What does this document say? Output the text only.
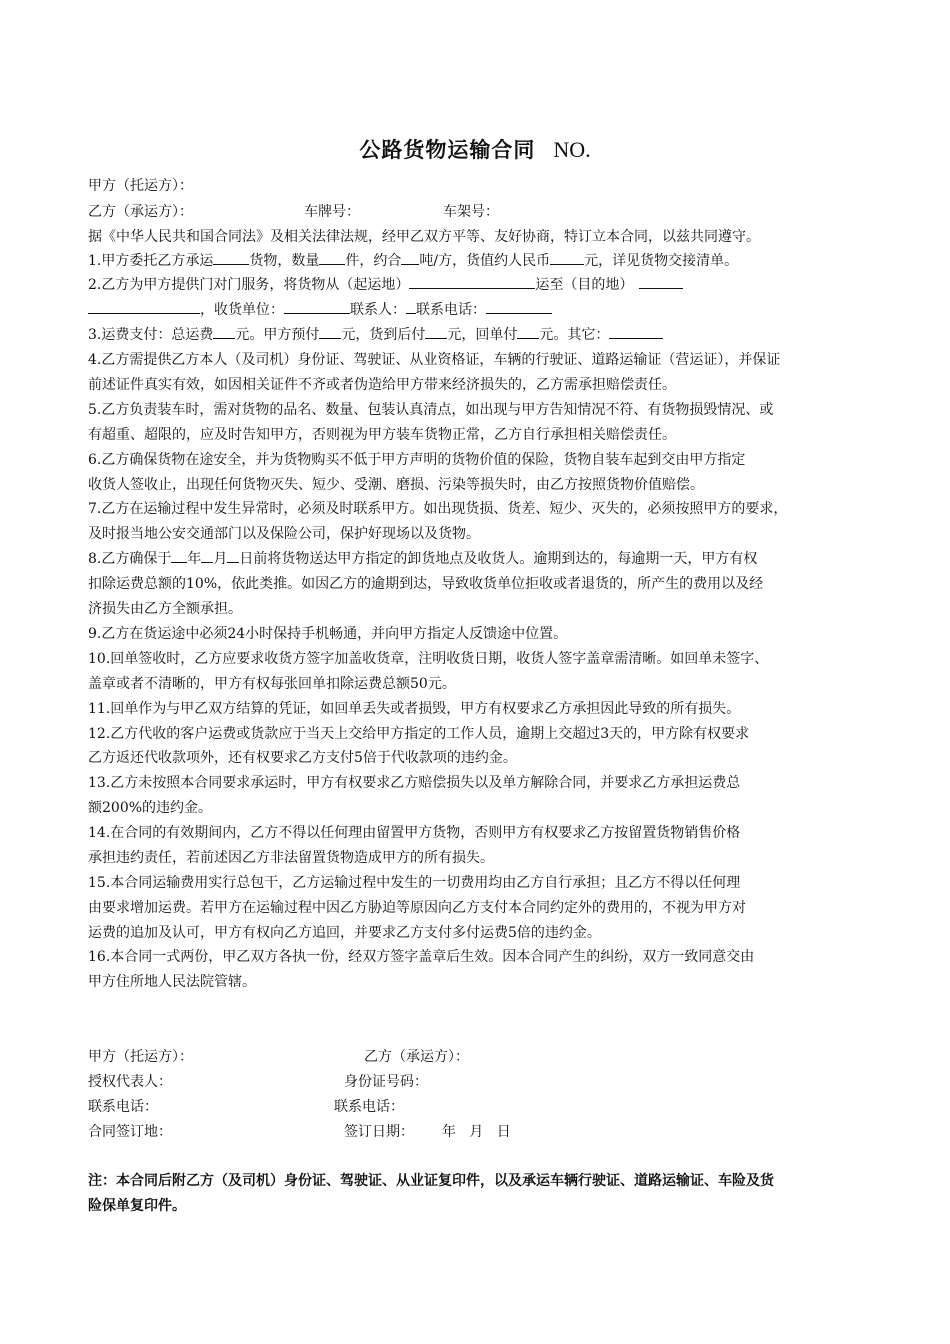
公路货物运输合同 NO.
甲方（托运方）：
乙方（承运方）：	车牌号：	车架号：
据《中华人民共和国合同法》及相关法律法规，经甲乙双方平等、友好协商，特订立本合同，以兹共同遵守。
1.甲方委托乙方承运	货物，数量 件，约合 吨/方，货值约人民币 元，详见货物交接清单。
2.乙方为甲方提供门对门服务，将货物从（起运地）	运至（目的地）
，收货单位：	联系人： 联系电话：
3.运费支付：总运费 元。甲方预付 元，货到后付 元，回单付 元。其它：
4.乙方需提供乙方本人（及司机）身份证、驾驶证、从业资格证，车辆的行驶证、道路运输证（营运证），并保证
前述证件真实有效，如因相关证件不齐或者伪造给甲方带来经济损失的，乙方需承担赔偿责任。
5.乙方负责装车时，需对货物的品名、数量、包装认真清点，如出现与甲方告知情况不符、有货物损毁情况、或
有超重、超限的，应及时告知甲方，否则视为甲方装车货物正常，乙方自行承担相关赔偿责任。
6.乙方确保货物在途安全，并为货物购买不低于甲方声明的货物价值的保险，货物自装车起到交由甲方指定
收货人签收止，出现任何货物灭失、短少、受潮、磨损、污染等损失时，由乙方按照货物价值赔偿。
7.乙方在运输过程中发生异常时，必须及时联系甲方。如出现货损、货差、短少、灭失的，必须按照甲方的要求，
及时报当地公安交通部门以及保险公司，保护好现场以及货物。
8.乙方确保于 年 月 日前将货物送达甲方指定的卸货地点及收货人。逾期到达的，每逾期一天，甲方有权
扣除运费总额的10%，依此类推。如因乙方的逾期到达，导致收货单位拒收或者退货的，所产生的费用以及经
济损失由乙方全额承担。
9.乙方在货运途中必须24小时保持手机畅通，并向甲方指定人反馈途中位置。
10.回单签收时，乙方应要求收货方签字加盖收货章，注明收货日期，收货人签字盖章需清晰。如回单未签字、
盖章或者不清晰的，甲方有权每张回单扣除运费总额50元。
11.回单作为与甲乙双方结算的凭证，如回单丢失或者损毁，甲方有权要求乙方承担因此导致的所有损失。
12.乙方代收的客户运费或货款应于当天上交给甲方指定的工作人员，逾期上交超过3天的，甲方除有权要求
乙方返还代收款项外，还有权要求乙方支付5倍于代收款项的违约金。
13.乙方未按照本合同要求承运时，甲方有权要求乙方赔偿损失以及单方解除合同，并要求乙方承担运费总
额200%的违约金。
14.在合同的有效期间内，乙方不得以任何理由留置甲方货物，否则甲方有权要求乙方按留置货物销售价格
承担违约责任，若前述因乙方非法留置货物造成甲方的所有损失。
15.本合同运输费用实行总包干，乙方运输过程中发生的一切费用均由乙方自行承担；且乙方不得以任何理
由要求增加运费。若甲方在运输过程中因乙方胁迫等原因向乙方支付本合同约定外的费用的，不视为甲方对
运费的追加及认可，甲方有权向乙方追回，并要求乙方支付多付运费5倍的违约金。
16.本合同一式两份，甲乙双方各执一份，经双方签字盖章后生效。因本合同产生的纠纷，双方一致同意交由
甲方住所地人民法院管辖。
甲方（托运方）：	乙方（承运方）：
授权代表人：	身份证号码：
联系电话：	联系电话：
合同签订地：	签订日期： 年   月   日
注：本合同后附乙方（及司机）身份证、驾驶证、从业证复印件，以及承运车辆行驶证、道路运输证、车险及货
险保单复印件。
